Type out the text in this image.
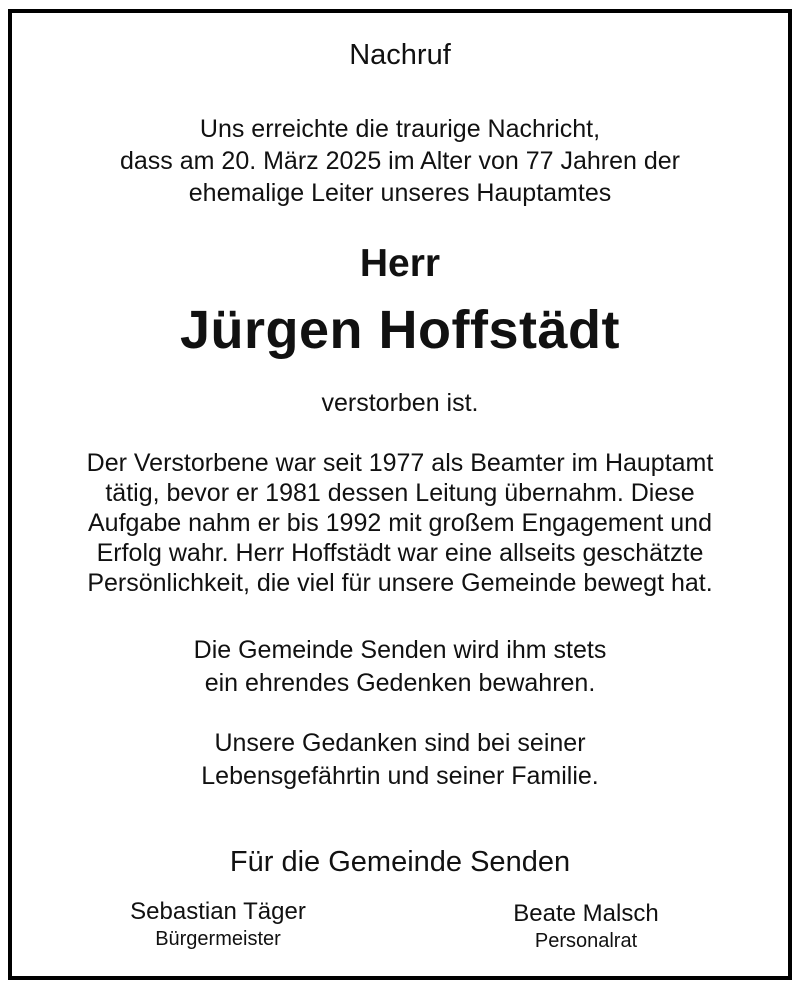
Nachruf

Uns erreichte die traurige Nachricht,
dass am 20. März 2025 im Alter von 77 Jahren der
ehemalige Leiter unseres Hauptamtes

Herr

Jürgen Hoffstädt

verstorben ist.

Der Verstorbene war seit 1977 als Beamter im Hauptamt
tätig, bevor er 1981 dessen Leitung übernahm. Diese
Aufgabe nahm er bis 1992 mit großem Engagement und
Erfolg wahr. Herr Hoffstädt war eine allseits geschätzte
Persönlichkeit, die viel für unsere Gemeinde bewegt hat.

Die Gemeinde Senden wird ihm stets
ein ehrendes Gedenken bewahren.

Unsere Gedanken sind bei seiner
Lebensgefährtin und seiner Familie.

Für die Gemeinde Senden

Sebastian Täger
Bürgermeister
Beate Malsch
Personalrat
